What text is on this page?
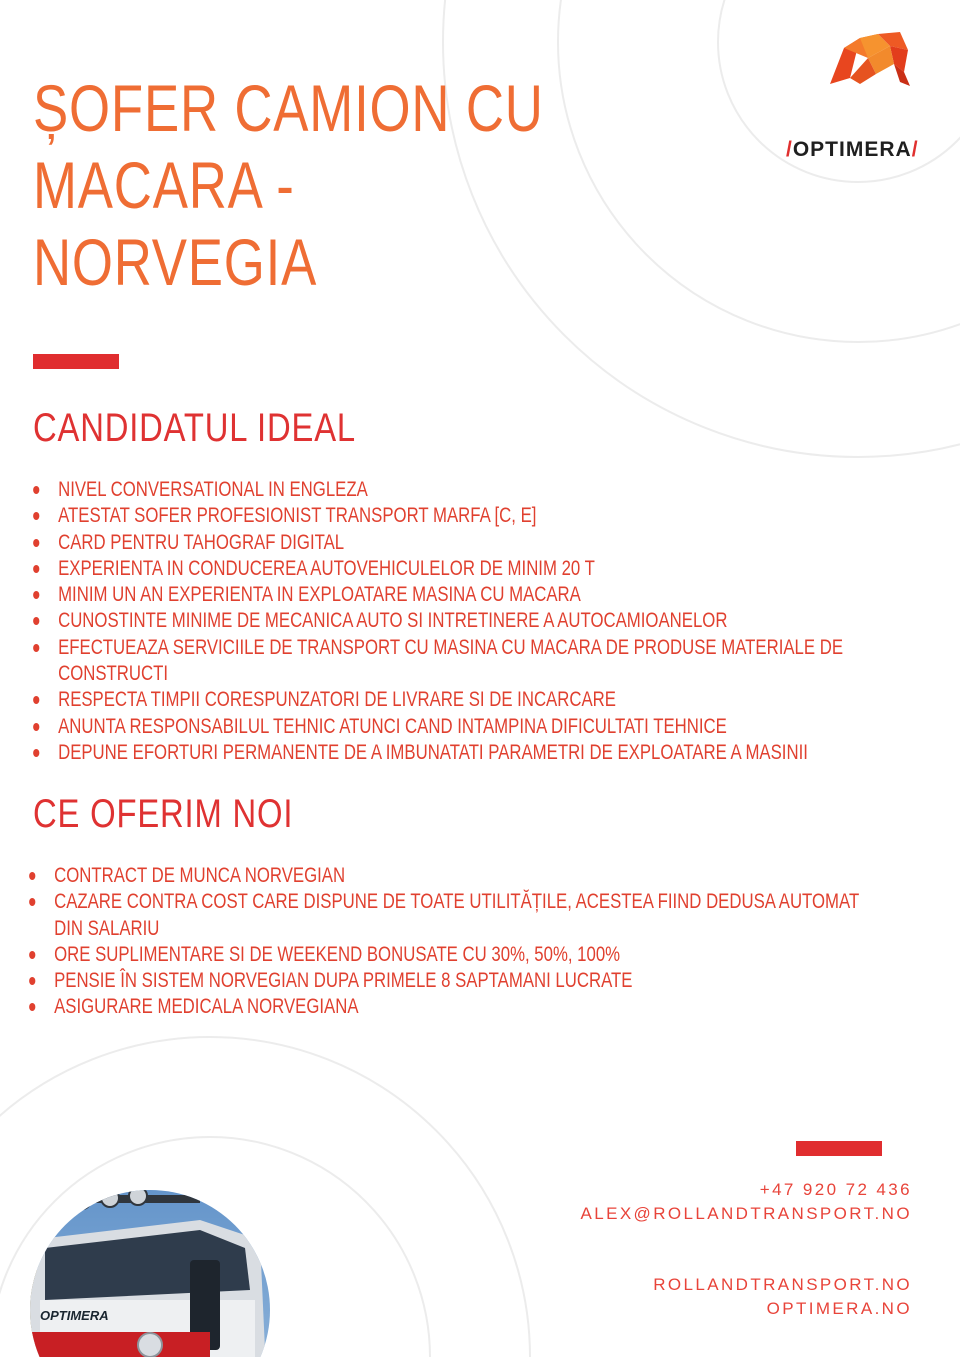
/OPTIMERA/
ȘOFER CAMION CU
MACARA -
NORVEGIA
CANDIDATUL IDEAL
NIVEL CONVERSATIONAL IN ENGLEZA
ATESTAT SOFER PROFESIONIST TRANSPORT MARFA [C, E]
CARD PENTRU TAHOGRAF DIGITAL
EXPERIENTA IN CONDUCEREA AUTOVEHICULELOR DE MINIM 20 T
MINIM UN AN EXPERIENTA IN EXPLOATARE MASINA CU MACARA
CUNOSTINTE MINIME DE MECANICA AUTO SI INTRETINERE A AUTOCAMIOANELOR
EFECTUEAZA SERVICIILE DE TRANSPORT CU MASINA CU MACARA DE PRODUSE MATERIALE DE CONSTRUCTI
RESPECTA TIMPII CORESPUNZATORI DE LIVRARE SI DE INCARCARE
ANUNTA RESPONSABILUL TEHNIC ATUNCI CAND INTAMPINA DIFICULTATI TEHNICE
DEPUNE EFORTURI PERMANENTE DE A IMBUNATATI PARAMETRI DE EXPLOATARE A MASINII
CE OFERIM NOI
CONTRACT DE MUNCA NORVEGIAN
CAZARE CONTRA COST CARE DISPUNE DE TOATE UTILITĂȚILE, ACESTEA FIIND DEDUSA AUTOMAT DIN SALARIU
ORE SUPLIMENTARE SI DE WEEKEND BONUSATE CU 30%, 50%, 100%
PENSIE ÎN SISTEM NORVEGIAN DUPA PRIMELE 8 SAPTAMANI LUCRATE
ASIGURARE MEDICALA NORVEGIANA
+47 920 72 436
ALEX@ROLLANDTRANSPORT.NO
ROLLANDTRANSPORT.NO
OPTIMERA.NO
OPTIMERA
